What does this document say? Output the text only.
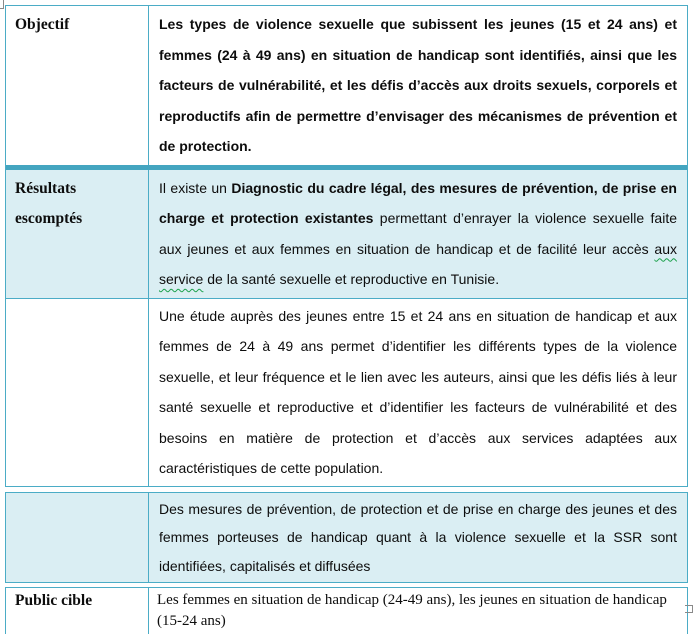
Objectif	Les types de violence sexuelle que subissent les jeunes (15 et 24 ans) et femmes (24 à 49 ans) en situation de handicap sont identifiés, ainsi que les facteurs de vulnérabilité, et les défis d’accès aux droits sexuels, corporels et reproductifs afin de permettre d’envisager des mécanismes de prévention et de protection.
Résultats escomptés
Il existe un Diagnostic du cadre légal, des mesures de prévention, de prise en charge et protection existantes permettant d’enrayer la violence sexuelle faite aux jeunes et aux femmes en situation de handicap et de facilité leur accès aux service de la santé sexuelle et reproductive en Tunisie.
Une étude auprès des jeunes entre 15 et 24 ans en situation de handicap et aux femmes de 24 à 49 ans permet d’identifier les différents types de la violence sexuelle, et leur fréquence et le lien avec les auteurs, ainsi que les défis liés à leur santé sexuelle et reproductive et d’identifier les facteurs de vulnérabilité et des besoins en matière de protection et d’accès aux services adaptées aux caractéristiques de cette population.
Des mesures de prévention, de protection et de prise en charge des jeunes et des femmes porteuses de handicap quant à la violence sexuelle et la SSR sont identifiées, capitalisés et diffusées
Public cible	Les femmes en situation de handicap (24-49 ans), les jeunes en situation de handicap (15-24 ans)
